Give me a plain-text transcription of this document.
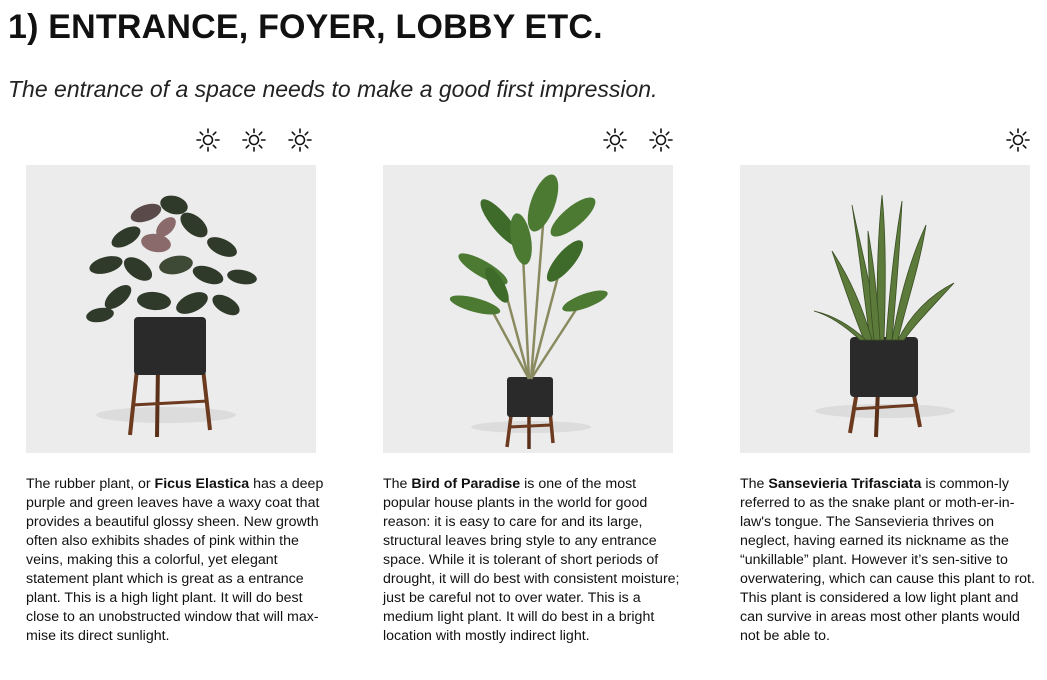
1) ENTRANCE, FOYER, LOBBY ETC.

The entrance of a space needs to make a good first impression.

The rubber plant, or Ficus Elastica has a deep purple and green leaves have a waxy coat that provides a beautiful glossy sheen. New growth often also exhibits shades of pink within the veins, making this a colorful, yet elegant statement plant which is great as a entrance plant. This is a high light plant. It will do best close to an unobstructed window that will max-mise its direct sunlight.

The Bird of Paradise is one of the most popular house plants in the world for good reason: it is easy to care for and its large, structural leaves bring style to any entrance space. While it is tolerant of short periods of drought, it will do best with consistent moisture; just be careful not to over water. This is a medium light plant. It will do best in a bright location with mostly indirect light.

The Sansevieria Trifasciata is common-ly referred to as the snake plant or moth-er-in-law's tongue. The Sansevieria thrives on neglect, having earned its nickname as the “unkillable” plant. However it’s sen-sitive to overwatering, which can cause this plant to rot. This plant is considered a low light plant and can survive in areas most other plants would not be able to.
